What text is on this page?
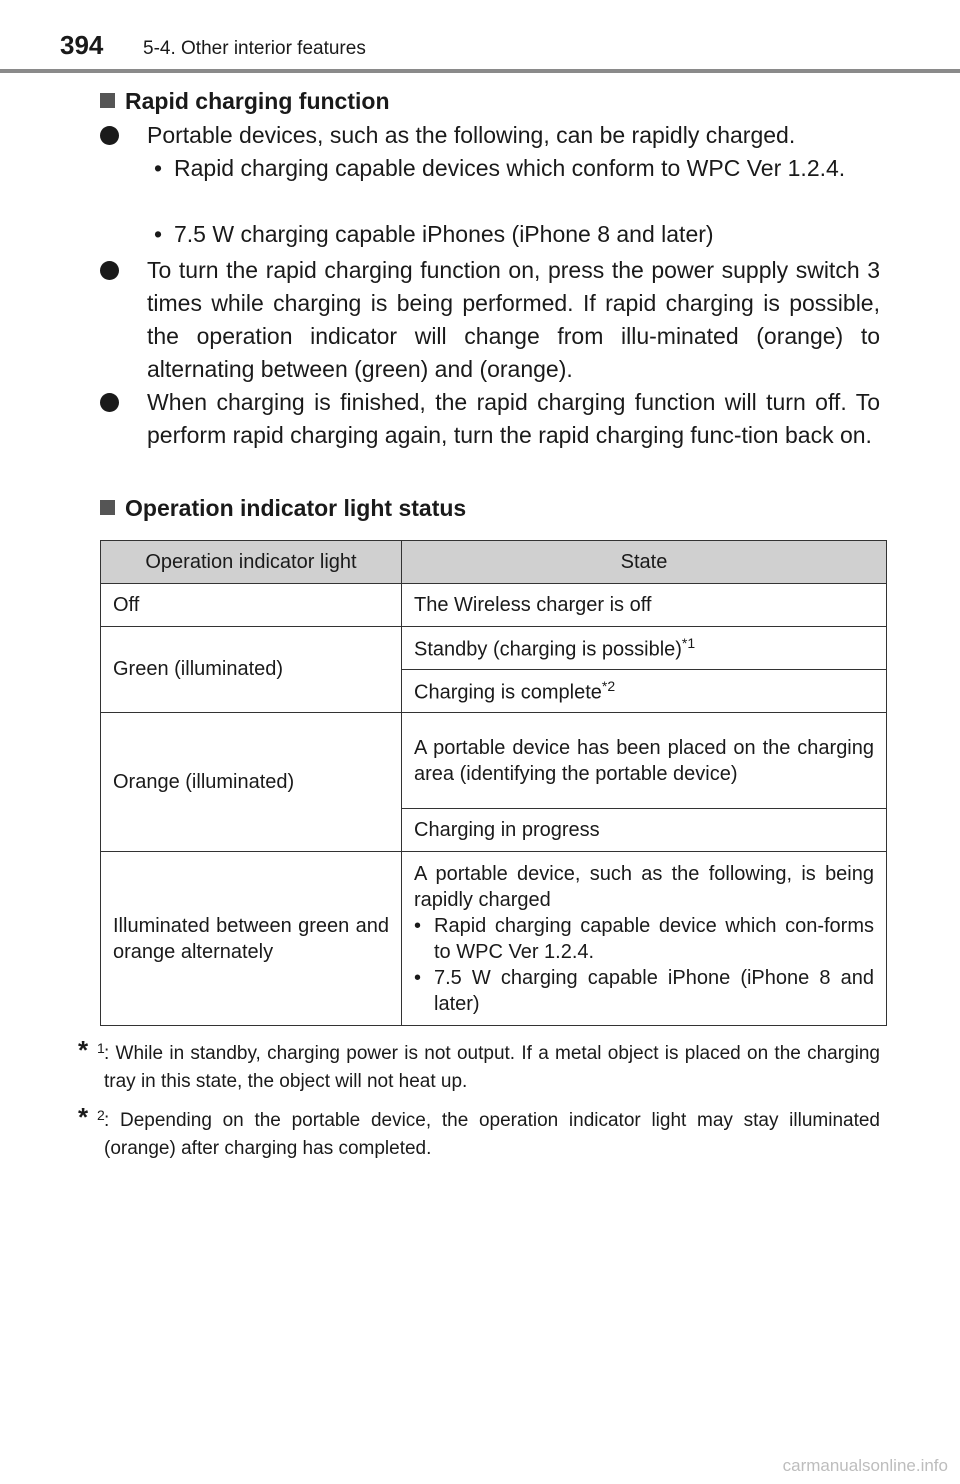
394 5-4. Other interior features
Rapid charging function
Portable devices, such as the following, can be rapidly charged.
• Rapid charging capable devices which conform to WPC Ver 1.2.4.
• 7.5 W charging capable iPhones (iPhone 8 and later)
To turn the rapid charging function on, press the power supply switch 3 times while charging is being performed. If rapid charging is possible, the operation indicator will change from illu-minated (orange) to alternating between (green) and (orange).
When charging is finished, the rapid charging function will turn off. To perform rapid charging again, turn the rapid charging func-tion back on.
Operation indicator light status
Operation indicator light	State
Off	The Wireless charger is off
Green (illuminated)	Standby (charging is possible)$^{*1}$
	Charging is complete$^{*2}$
Orange (illuminated)	A portable device has been placed on the charging area (identifying the portable device)
	Charging in progress
Illuminated between green and orange alternately	A portable device, such as the following, is being rapidly charged
• Rapid charging capable device which con-forms to WPC Ver 1.2.4.
• 7.5 W charging capable iPhone (iPhone 8 and later)
* 1 : While in standby, charging power is not output. If a metal object is placed on the charging tray in this state, the object will not heat up.
* 2 : Depending on the portable device, the operation indicator light may stay illuminated (orange) after charging has completed.
carmanualsonline.info
